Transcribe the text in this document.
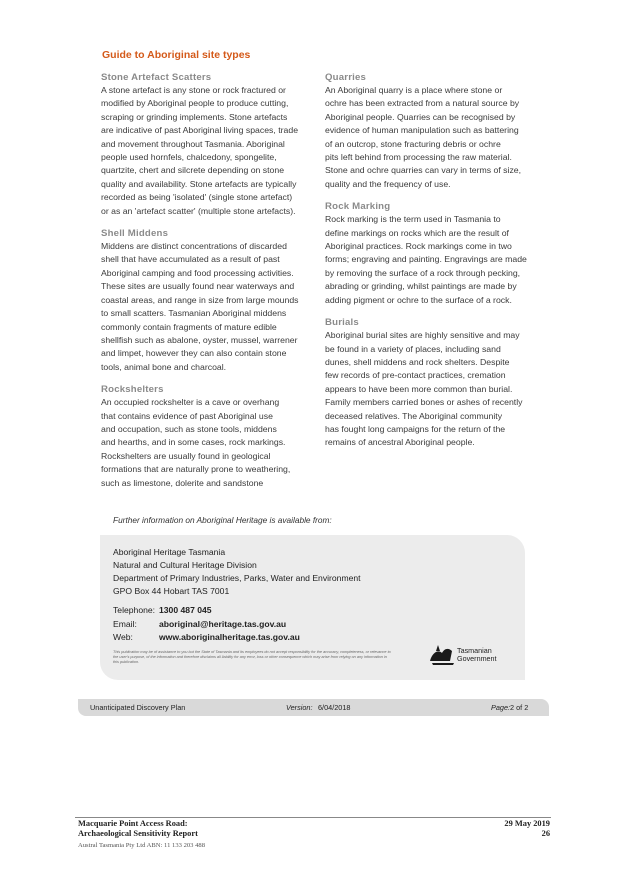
Guide to Aboriginal site types
Stone Artefact Scatters
A stone artefact is any stone or rock fractured or
modified by Aboriginal people to produce cutting,
scraping or grinding implements. Stone artefacts
are indicative of past Aboriginal living spaces, trade
and movement throughout Tasmania. Aboriginal
people used hornfels, chalcedony, spongelite,
quartzite, chert and silcrete depending on stone
quality and availability. Stone artefacts are typically
recorded as being 'isolated' (single stone artefact)
or as an 'artefact scatter' (multiple stone artefacts).
Shell Middens
Middens are distinct concentrations of discarded
shell that have accumulated as a result of past
Aboriginal camping and food processing activities.
These sites are usually found near waterways and
coastal areas, and range in size from large mounds
to small scatters. Tasmanian Aboriginal middens
commonly contain fragments of mature edible
shellfish such as abalone, oyster, mussel, warrener
and limpet, however they can also contain stone
tools, animal bone and charcoal.
Rockshelters
An occupied rockshelter is a cave or overhang
that contains evidence of past Aboriginal use
and occupation, such as stone tools, middens
and hearths, and in some cases, rock markings.
Rockshelters are usually found in geological
formations that are naturally prone to weathering,
such as limestone, dolerite and sandstone
Quarries
An Aboriginal quarry is a place where stone or
ochre has been extracted from a natural source by
Aboriginal people. Quarries can be recognised by
evidence of human manipulation such as battering
of an outcrop, stone fracturing debris or ochre
pits left behind from processing the raw material.
Stone and ochre quarries can vary in terms of size,
quality and the frequency of use.
Rock Marking
Rock marking is the term used in Tasmania to
define markings on rocks which are the result of
Aboriginal practices. Rock markings come in two
forms; engraving and painting. Engravings are made
by removing the surface of a rock through pecking,
abrading or grinding, whilst paintings are made by
adding pigment or ochre to the surface of a rock.
Burials
Aboriginal burial sites are highly sensitive and may
be found in a variety of places, including sand
dunes, shell middens and rock shelters. Despite
few records of pre-contact practices, cremation
appears to have been more common than burial.
Family members carried bones or ashes of recently
deceased relatives. The Aboriginal community
has fought long campaigns for the return of the
remains of ancestral Aboriginal people.
Further information on Aboriginal Heritage is available from:
Aboriginal Heritage Tasmania
Natural and Cultural Heritage Division
Department of Primary Industries, Parks, Water and Environment
GPO Box 44 Hobart TAS 7001
Telephone: 1300 487 045
Email:	aboriginal@heritage.tas.gov.au
Web:	www.aboriginalheritage.tas.gov.au
This publication may be of assistance to you but the State of Tasmania and its employees do not accept responsibility for the accuracy, completeness, or relevance to the user's purpose, of the information and therefore disclaims all liability for any error, loss or other consequence which may arise from relying on any information in this publication.
Tasmanian
Government
Unanticipated Discovery Plan	Version: 6/04/2018	Page: 2 of 2
Macquarie Point Access Road:
Archaeological Sensitivity Report
29 May 2019
26
Austral Tasmania Pty Ltd ABN: 11 133 203 488
